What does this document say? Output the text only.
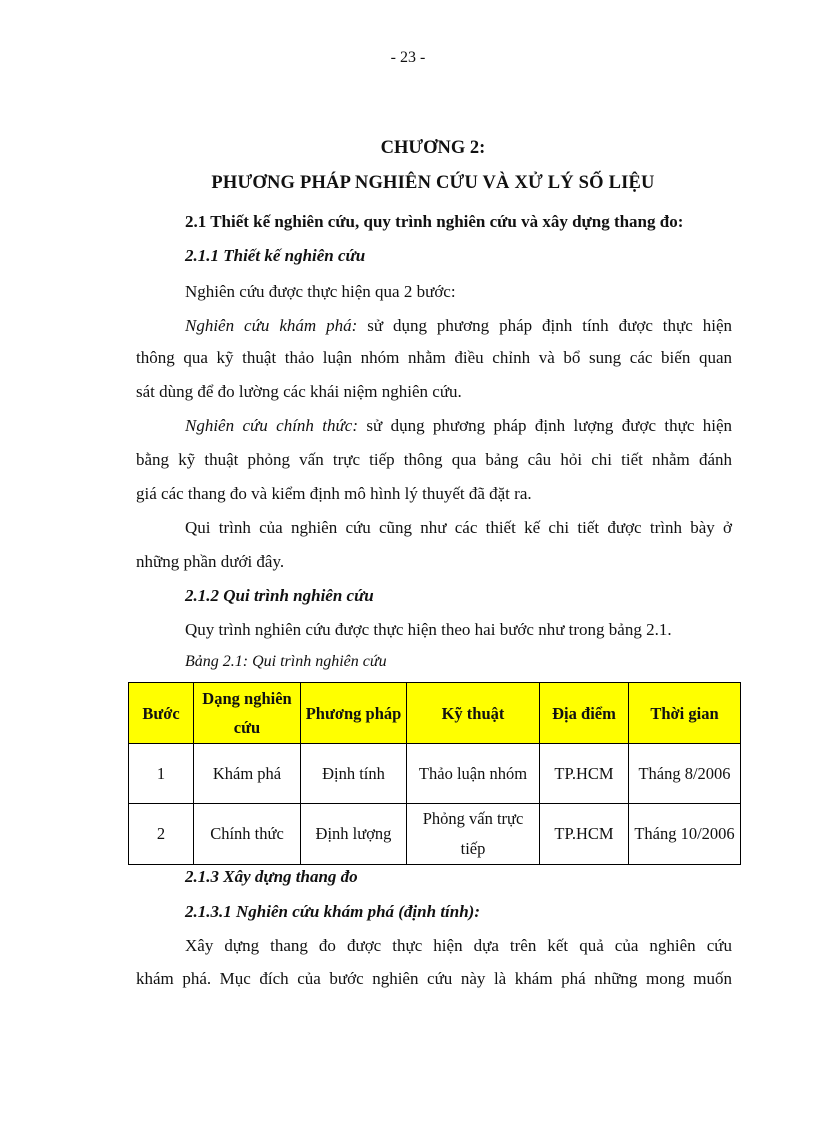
- 23 -
CHƯƠNG 2:
PHƯƠNG PHÁP NGHIÊN CỨU VÀ XỬ LÝ SỐ LIỆU
2.1 Thiết kế nghiên cứu, quy trình nghiên cứu và xây dựng thang đo:
2.1.1 Thiết kế nghiên cứu
Nghiên cứu được thực hiện qua 2 bước:
Nghiên cứu khám phá: sử dụng phương pháp định tính được thực hiện
thông qua kỹ thuật thảo luận nhóm nhằm điều chỉnh và bổ sung các biến quan
sát dùng để đo lường các khái niệm nghiên cứu.
Nghiên cứu chính thức: sử dụng phương pháp định lượng được thực hiện
bằng kỹ thuật phỏng vấn trực tiếp thông qua bảng câu hỏi chi tiết nhằm đánh
giá các thang đo và kiểm định mô hình lý thuyết đã đặt ra.
Qui trình của nghiên cứu cũng như các thiết kế chi tiết được trình bày ở
những phần dưới đây.
2.1.2 Qui trình nghiên cứu
Quy trình nghiên cứu được thực hiện theo hai bước như trong bảng 2.1.
Bảng 2.1: Qui trình nghiên cứu
Bước	Dạng nghiên cứu	Phương pháp	Kỹ thuật	Địa điểm	Thời gian
1	Khám phá	Định tính	Thảo luận nhóm	TP.HCM	Tháng 8/2006
2	Chính thức	Định lượng	Phỏng vấn trực tiếp	TP.HCM	Tháng 10/2006
2.1.3 Xây dựng thang đo
2.1.3.1 Nghiên cứu khám phá (định tính):
Xây dựng thang đo được thực hiện dựa trên kết quả của nghiên cứu
khám phá. Mục đích của bước nghiên cứu này là khám phá những mong muốn
